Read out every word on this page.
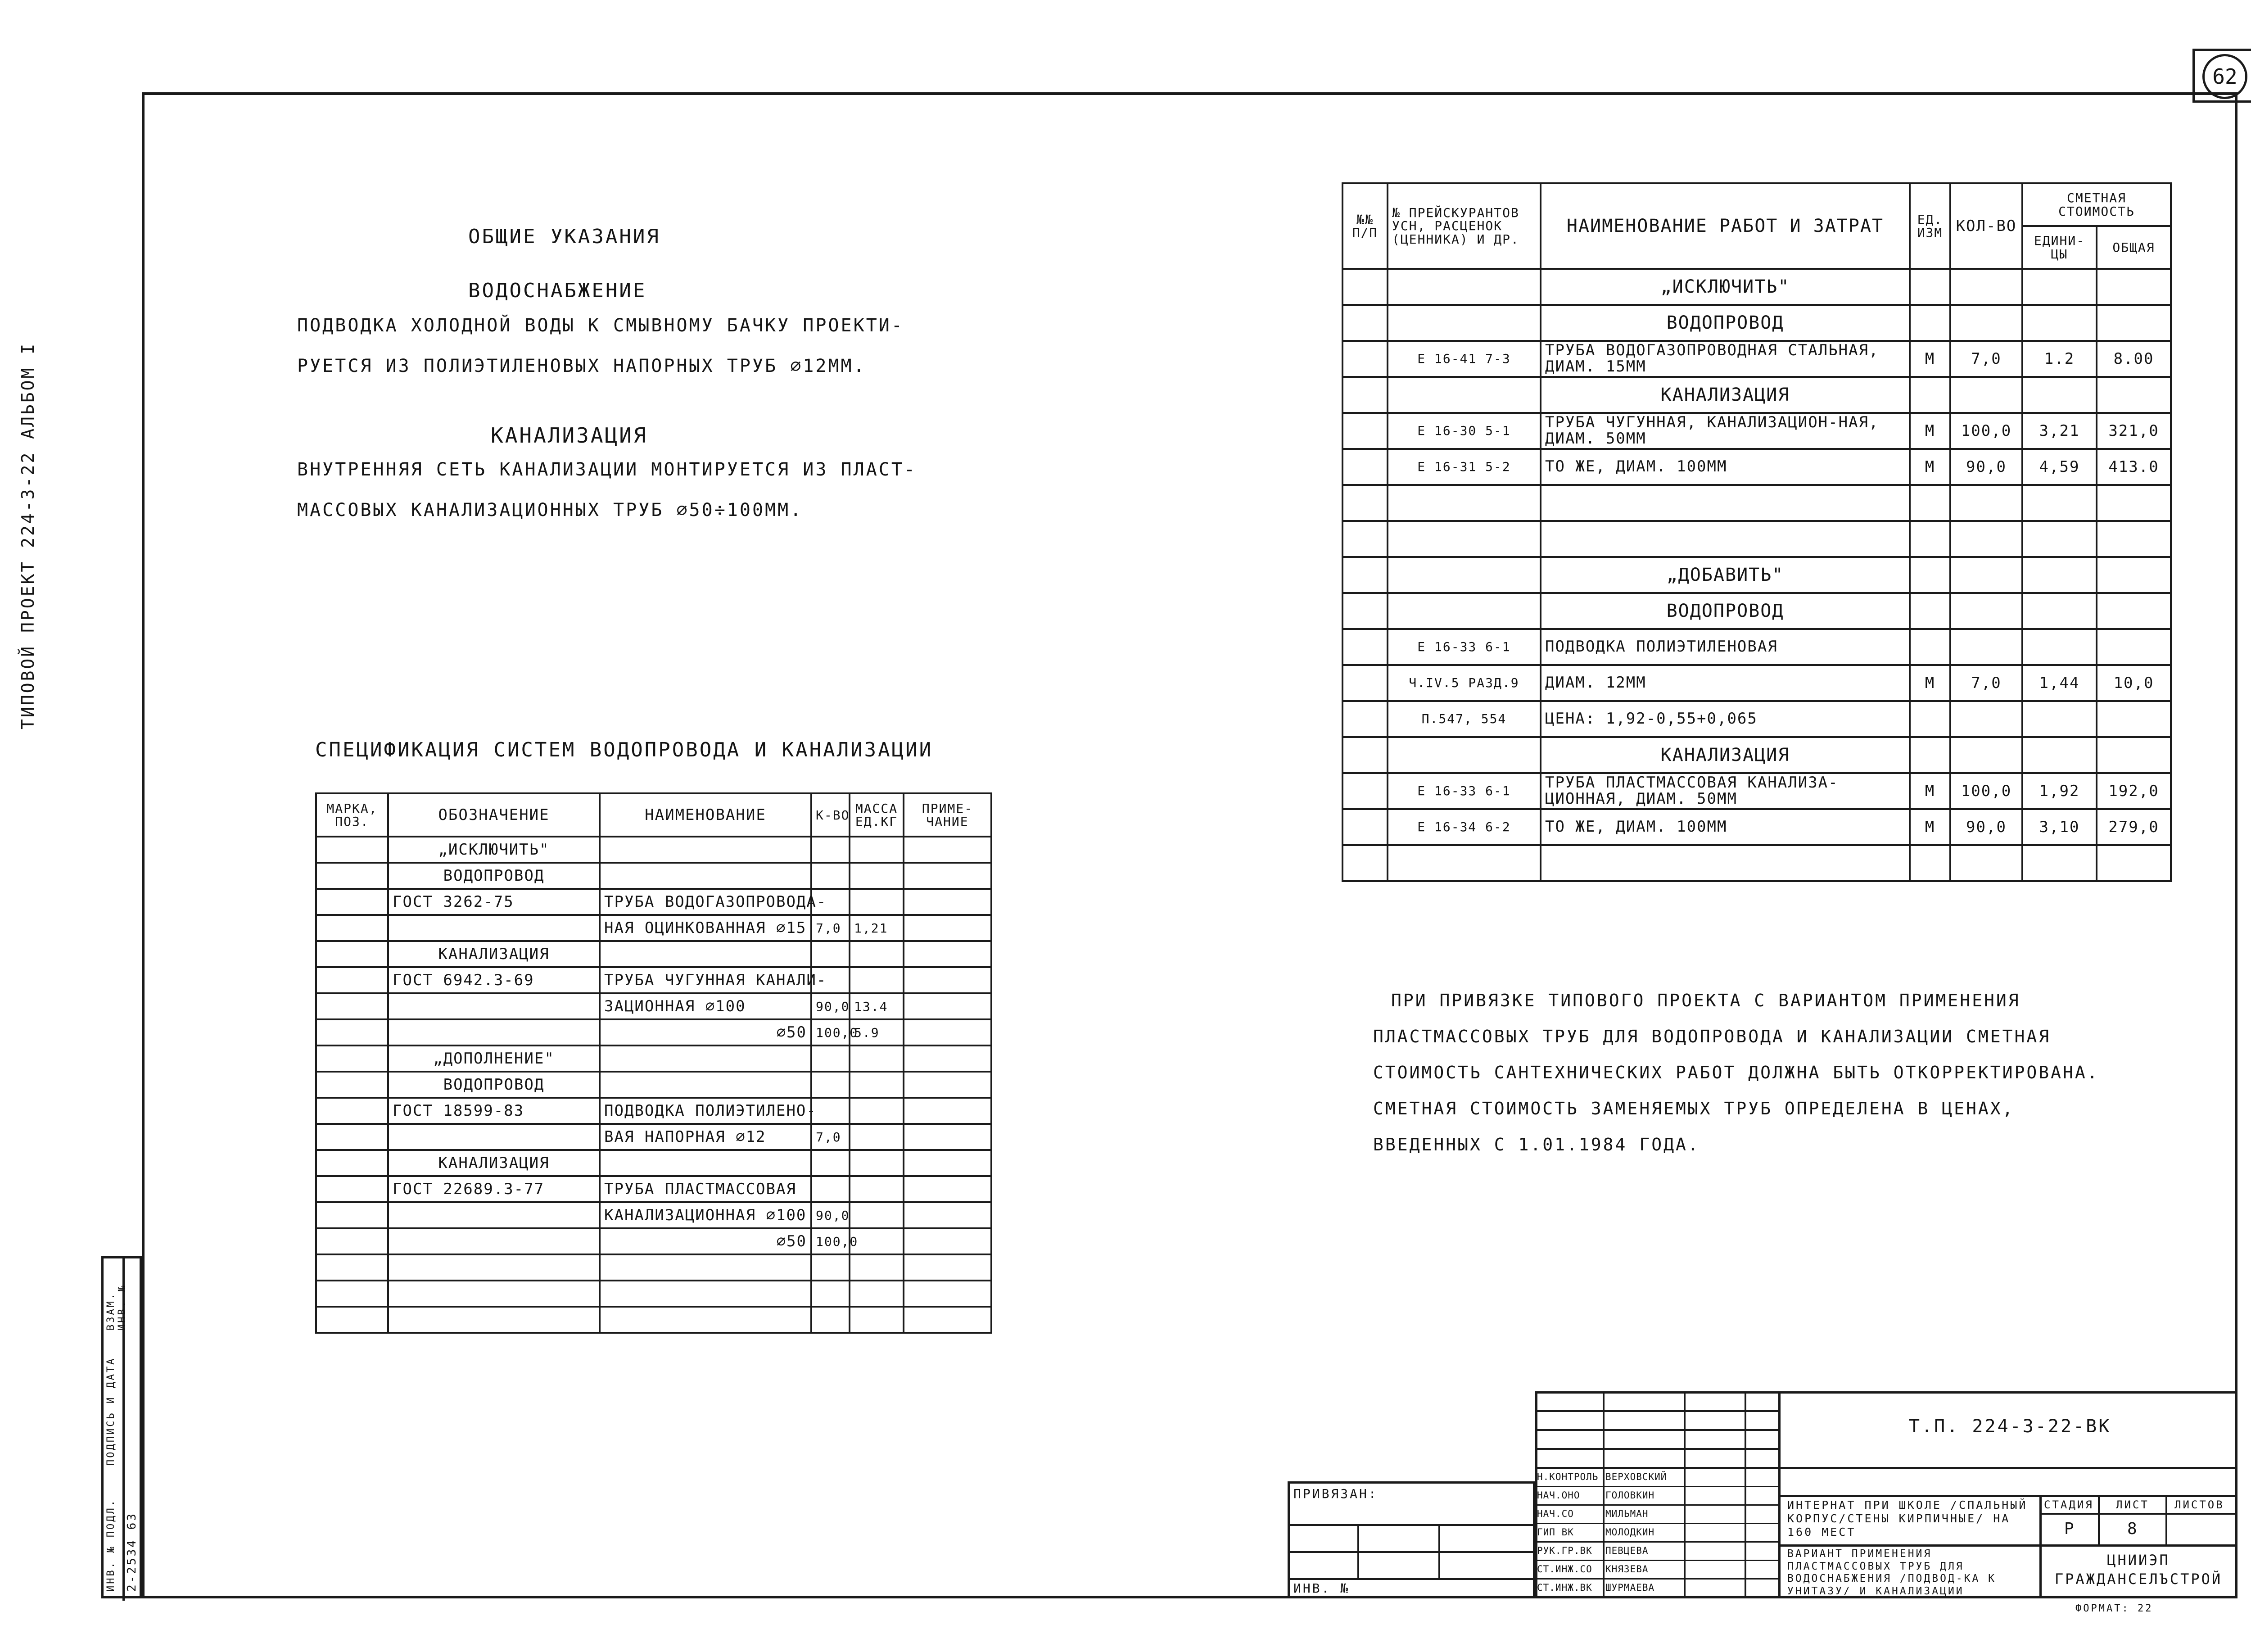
62
ТИПОВОЙ ПРОЕКТ 224-3-22 АЛЬБОМ I
ИНВ. № ПОДЛ.
ПОДПИСЬ И ДАТА
ВЗАМ. ИНВ. №
2-2534 63
ОБЩИЕ УКАЗАНИЯ
ВОДОСНАБЖЕНИЕ
ПОДВОДКА ХОЛОДНОЙ ВОДЫ К СМЫВНОМУ БАЧКУ ПРОЕКТИ-
РУЕТСЯ ИЗ ПОЛИЭТИЛЕНОВЫХ НАПОРНЫХ ТРУБ ⌀12ММ.
КАНАЛИЗАЦИЯ
ВНУТРЕННЯЯ СЕТЬ КАНАЛИЗАЦИИ МОНТИРУЕТСЯ ИЗ ПЛАСТ-
МАССОВЫХ КАНАЛИЗАЦИОННЫХ ТРУБ ⌀50÷100ММ.
СПЕЦИФИКАЦИЯ СИСТЕМ ВОДОПРОВОДА И КАНАЛИЗАЦИИ
МАРКА, ПОЗ.	ОБОЗНАЧЕНИЕ	НАИМЕНОВАНИЕ	К-ВО	МАССА ЕД.КГ	ПРИМЕ-ЧАНИЕ
	„ИСКЛЮЧИТЬ"				
	ВОДОПРОВОД				
	ГОСТ 3262-75	ТРУБА ВОДОГАЗОПРОВОДА-			
		НАЯ ОЦИНКОВАННАЯ ⌀15	7,0	1,21	
	КАНАЛИЗАЦИЯ				
	ГОСТ 6942.3-69	ТРУБА ЧУГУННАЯ КАНАЛИ-			
		ЗАЦИОННАЯ ⌀100	90,0	13.4	
		⌀50	100,0	5.9	
	„ДОПОЛНЕНИЕ"				
	ВОДОПРОВОД				
	ГОСТ 18599-83	ПОДВОДКА ПОЛИЭТИЛЕНО-			
		ВАЯ НАПОРНАЯ ⌀12	7,0		
	КАНАЛИЗАЦИЯ				
	ГОСТ 22689.3-77	ТРУБА ПЛАСТМАССОВАЯ			
		КАНАЛИЗАЦИОННАЯ ⌀100	90,0		
		⌀50	100,0		

№№ П/П	№ ПРЕЙСКУРАНТОВ УСН, РАСЦЕНОК (ЦЕННИКА) И ДР.	НАИМЕНОВАНИЕ РАБОТ И ЗАТРАТ	ЕД. ИЗМ	КОЛ-ВО	СМЕТНАЯ СТОИМОСТЬ	
					ЕДИНИ-ЦЫ	ОБЩАЯ
		„ИСКЛЮЧИТЬ"				
		ВОДОПРОВОД				
	Е 16-41 7-3	ТРУБА ВОДОГАЗОПРОВОДНАЯ СТАЛЬНАЯ, ДИАМ. 15ММ	М	7,0	1.2	8.00
		КАНАЛИЗАЦИЯ				
	Е 16-30 5-1	ТРУБА ЧУГУННАЯ, КАНАЛИЗАЦИОН-НАЯ, ДИАМ. 50ММ	М	100,0	3,21	321,0
	Е 16-31 5-2	ТО ЖЕ, ДИАМ. 100ММ	М	90,0	4,59	413.0

		„ДОБАВИТЬ"				
		ВОДОПРОВОД				
	Е 16-33 6-1	ПОДВОДКА ПОЛИЭТИЛЕНОВАЯ				
	Ч.IV.5 РАЗД.9	ДИАМ. 12ММ	М	7,0	1,44	10,0
	П.547, 554	ЦЕНА: 1,92-0,55+0,065				
		КАНАЛИЗАЦИЯ				
	Е 16-33 6-1	ТРУБА ПЛАСТМАССОВАЯ КАНАЛИЗА-ЦИОННАЯ, ДИАМ. 50ММ	М	100,0	1,92	192,0
	Е 16-34 6-2	ТО ЖЕ, ДИАМ. 100ММ	М	90,0	3,10	279,0

ПРИ ПРИВЯЗКЕ ТИПОВОГО ПРОЕКТА С ВАРИАНТОМ ПРИМЕНЕНИЯ
ПЛАСТМАССОВЫХ ТРУБ ДЛЯ ВОДОПРОВОДА И КАНАЛИЗАЦИИ СМЕТНАЯ
СТОИМОСТЬ САНТЕХНИЧЕСКИХ РАБОТ ДОЛЖНА БЫТЬ ОТКОРРЕКТИРОВАНА.
СМЕТНАЯ СТОИМОСТЬ ЗАМЕНЯЕМЫХ ТРУБ ОПРЕДЕЛЕНА В ЦЕНАХ,
ВВЕДЕННЫХ С 1.01.1984 ГОДА.
Т.П. 224-3-22-ВК
Н.КОНТРОЛЬ ВЕРХОВСКИЙ
НАЧ.ОНО	ГОЛОВКИН
НАЧ.СО	МИЛЬМАН
ГИП ВК	МОЛОДКИН
РУК.ГР.ВК ПЕВЦЕВА
СТ.ИНЖ.СО КНЯЗЕВА
СТ.ИНЖ.ВК ШУРМАЕВА
ИНТЕРНАТ ПРИ ШКОЛЕ /СПАЛЬНЫЙ КОРПУС/СТЕНЫ КИРПИЧНЫЕ/ НА 160 МЕСТ
ВАРИАНТ ПРИМЕНЕНИЯ ПЛАСТМАССОВЫХ ТРУБ ДЛЯ ВОДОСНАБЖЕНИЯ /ПОДВОД-КА К УНИТАЗУ/ И КАНАЛИЗАЦИИ
СТАДИЯ ЛИСТ ЛИСТОВ
Р	8
ЦНИИЭП ГРАЖДАНСЕЛЪСТРОЙ
ФОРМАТ: 22
ПРИВЯЗАН:
ИНВ. №
